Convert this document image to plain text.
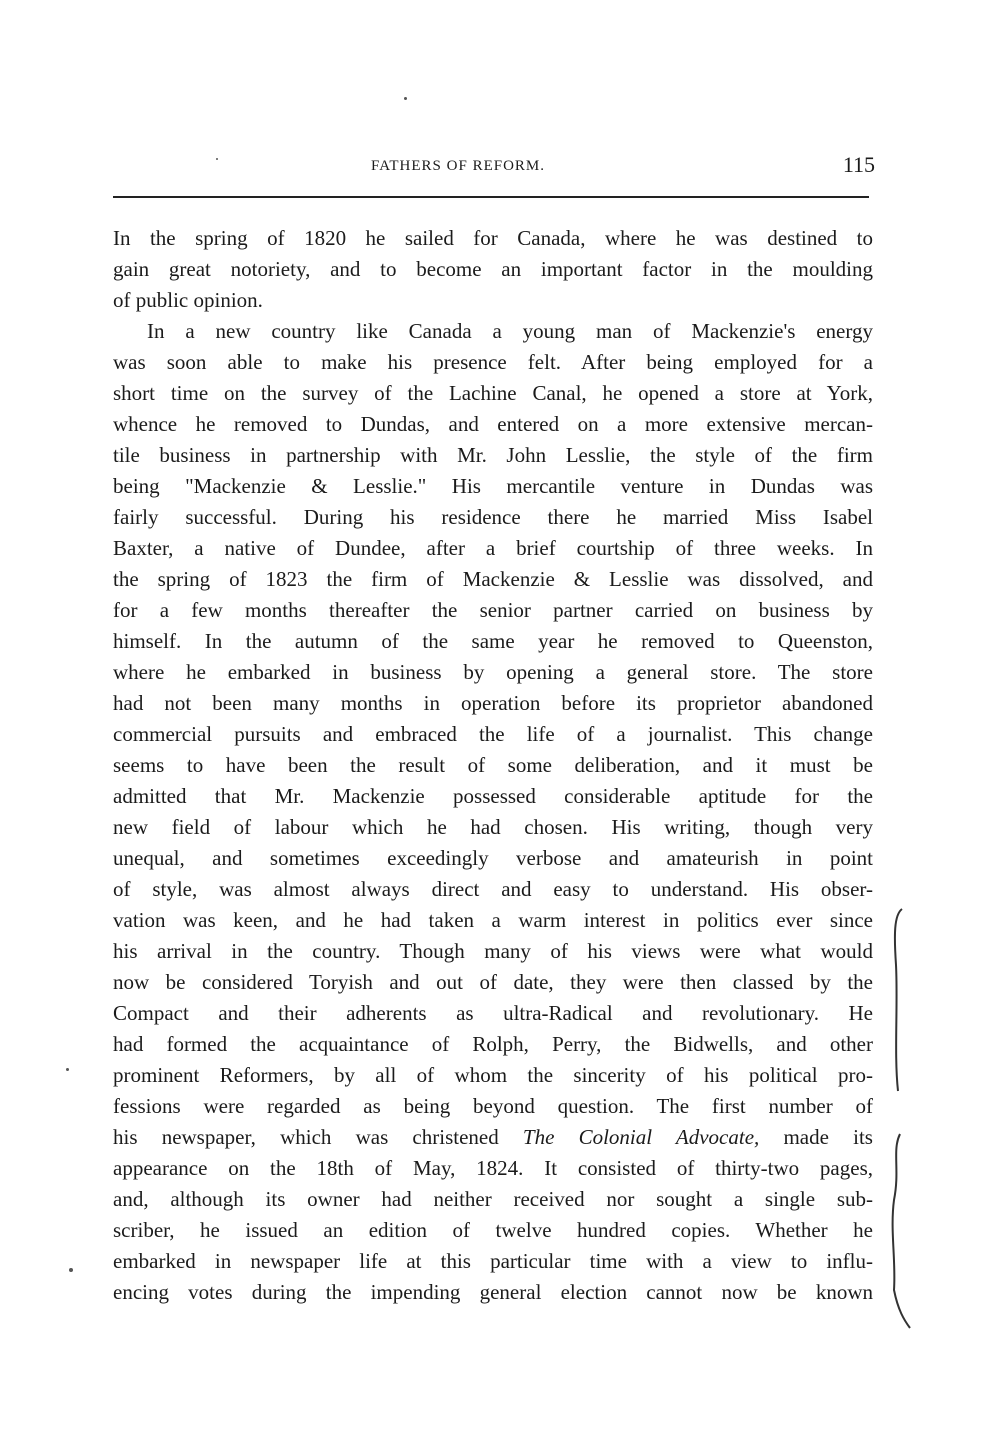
FATHERS OF REFORM.	115
In the spring of 1820 he sailed for Canada, where he was destined to
gain great notoriety, and to become an important factor in the moulding
of public opinion.
In a new country like Canada a young man of Mackenzie's energy
was soon able to make his presence felt. After being employed for a
short time on the survey of the Lachine Canal, he opened a store at York,
whence he removed to Dundas, and entered on a more extensive mercan-
tile business in partnership with Mr. John Lesslie, the style of the firm
being "Mackenzie & Lesslie." His mercantile venture in Dundas was
fairly successful. During his residence there he married Miss Isabel
Baxter, a native of Dundee, after a brief courtship of three weeks. In
the spring of 1823 the firm of Mackenzie & Lesslie was dissolved, and
for a few months thereafter the senior partner carried on business by
himself. In the autumn of the same year he removed to Queenston,
where he embarked in business by opening a general store. The store
had not been many months in operation before its proprietor abandoned
commercial pursuits and embraced the life of a journalist. This change
seems to have been the result of some deliberation, and it must be
admitted that Mr. Mackenzie possessed considerable aptitude for the
new field of labour which he had chosen. His writing, though very
unequal, and sometimes exceedingly verbose and amateurish in point
of style, was almost always direct and easy to understand. His obser-
vation was keen, and he had taken a warm interest in politics ever since
his arrival in the country. Though many of his views were what would
now be considered Toryish and out of date, they were then classed by the
Compact and their adherents as ultra-Radical and revolutionary. He
had formed the acquaintance of Rolph, Perry, the Bidwells, and other
prominent Reformers, by all of whom the sincerity of his political pro-
fessions were regarded as being beyond question. The first number of
his newspaper, which was christened The Colonial Advocate, made its
appearance on the 18th of May, 1824. It consisted of thirty-two pages,
and, although its owner had neither received nor sought a single sub-
scriber, he issued an edition of twelve hundred copies. Whether he
embarked in newspaper life at this particular time with a view to influ-
encing votes during the impending general election cannot now be known
